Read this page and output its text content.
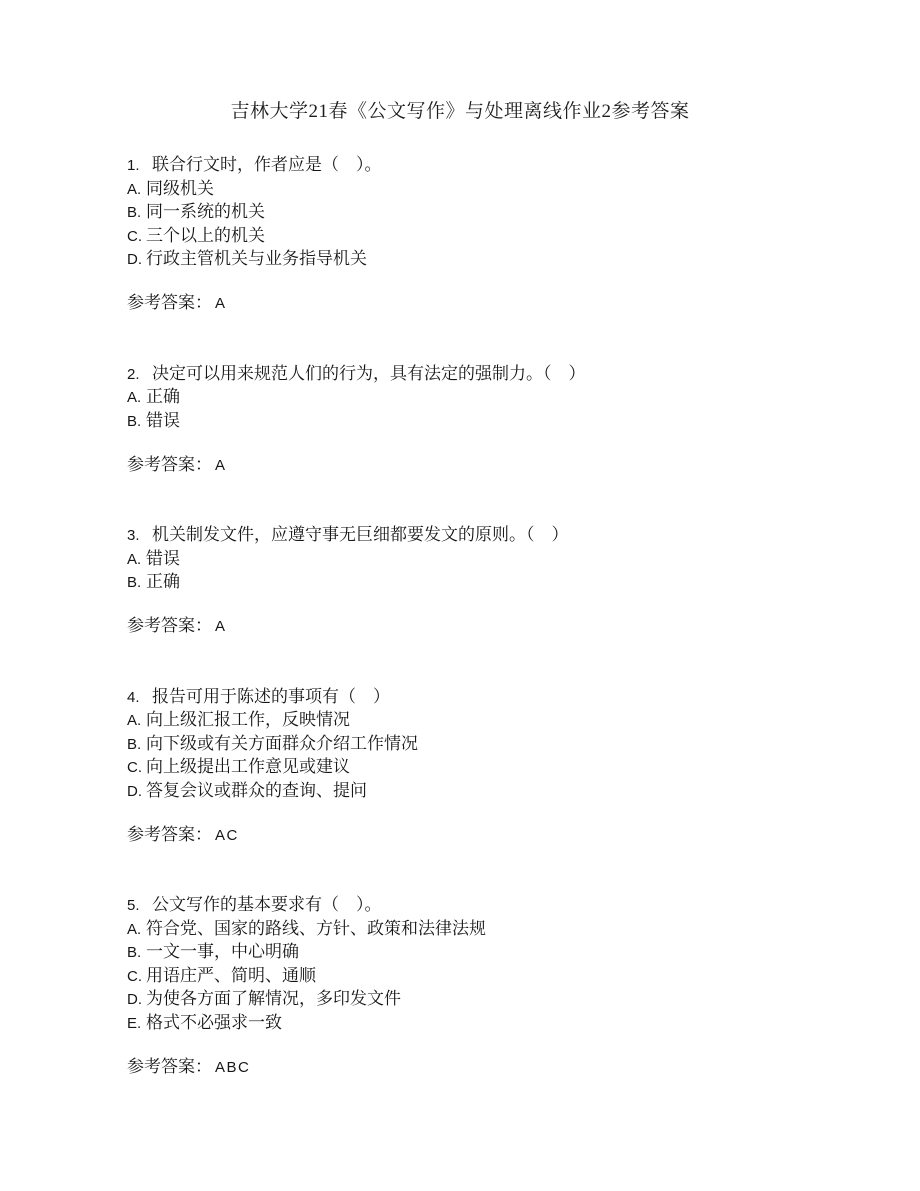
吉林大学21春《公文写作》与处理离线作业2参考答案
1. 联合行文时，作者应是（　）。
A. 同级机关
B. 同一系统的机关
C. 三个以上的机关
D. 行政主管机关与业务指导机关
参考答案： A
2. 决定可以用来规范人们的行为，具有法定的强制力。（　）
A. 正确
B. 错误
参考答案： A
3. 机关制发文件，应遵守事无巨细都要发文的原则。（　）
A. 错误
B. 正确
参考答案： A
4. 报告可用于陈述的事项有（　）
A. 向上级汇报工作，反映情况
B. 向下级或有关方面群众介绍工作情况
C. 向上级提出工作意见或建议
D. 答复会议或群众的查询、提问
参考答案： AC
5. 公文写作的基本要求有（　）。
A. 符合党、国家的路线、方针、政策和法律法规
B. 一文一事，中心明确
C. 用语庄严、简明、通顺
D. 为使各方面了解情况，多印发文件
E. 格式不必强求一致
参考答案： ABC
